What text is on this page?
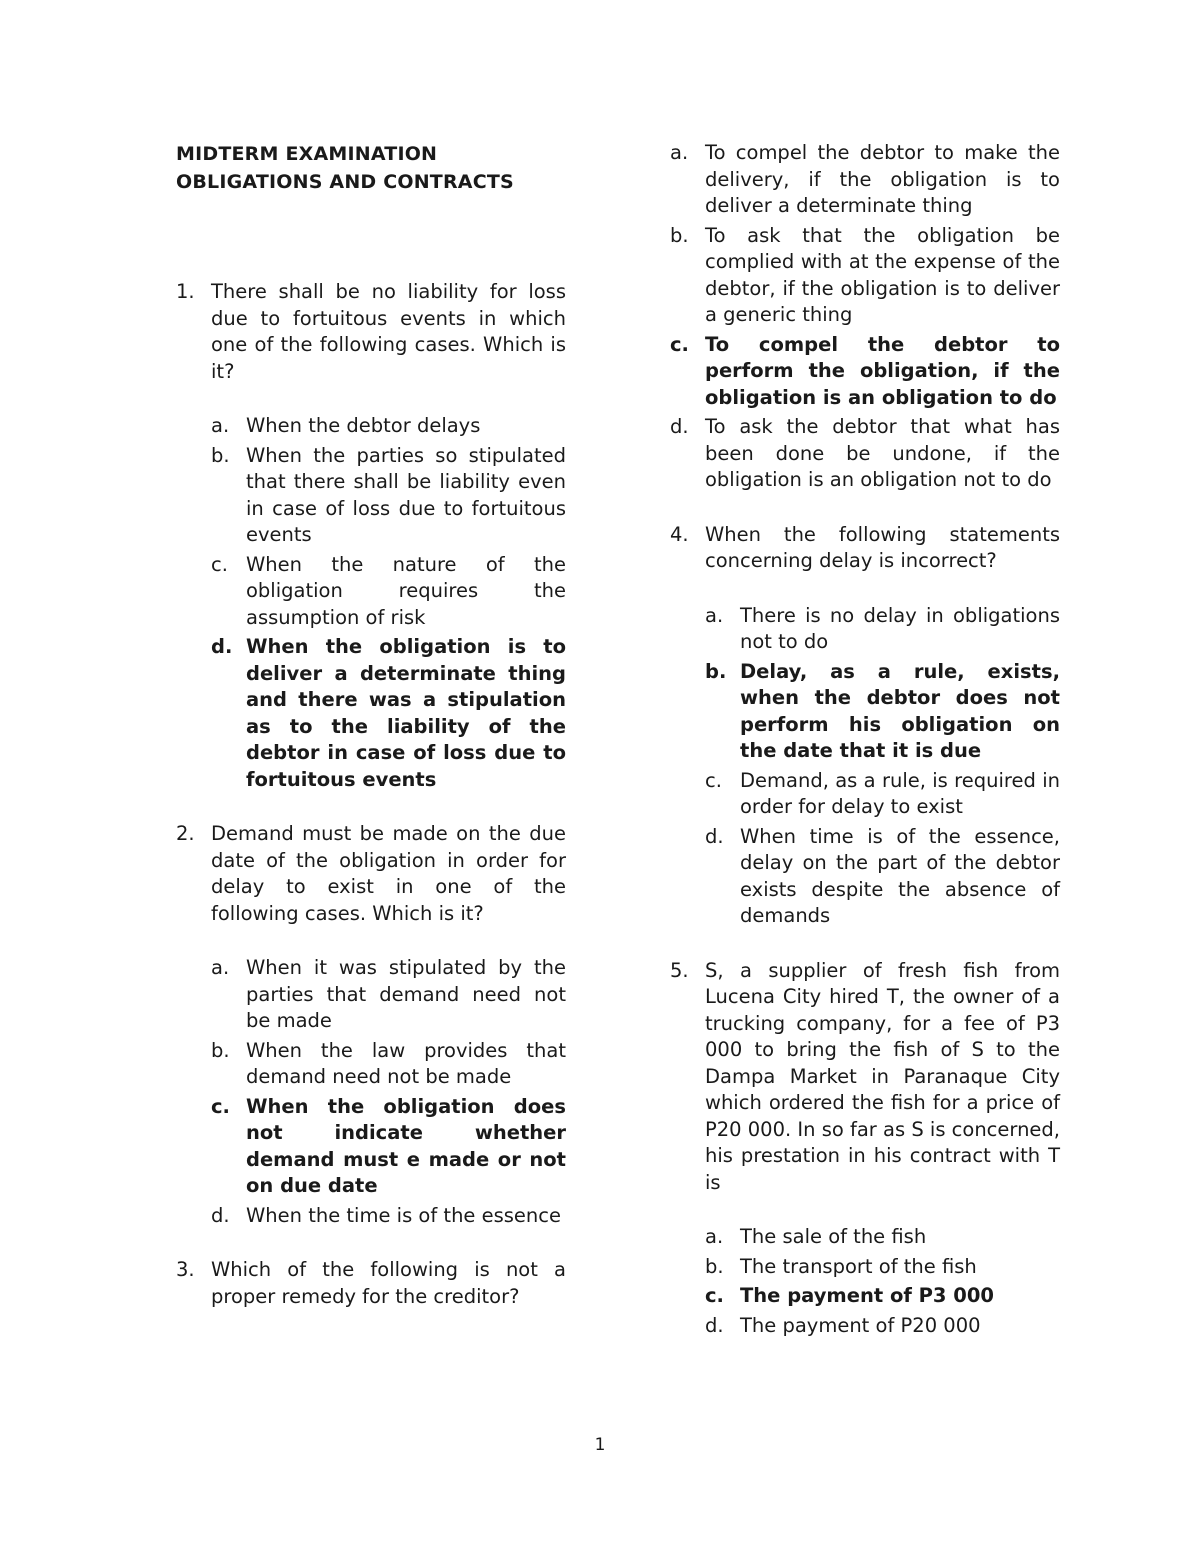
MIDTERM EXAMINATION

OBLIGATIONS AND CONTRACTS

1. There shall be no liability for loss due to fortuitous events in which one of the following cases. Which is it?
a. When the debtor delays
b. When the parties so stipulated that there shall be liability even in case of loss due to fortuitous events
c. When the nature of the obligation requires the assumption of risk
d. When the obligation is to deliver a determinate thing and there was a stipulation as to the liability of the debtor in case of loss due to fortuitous events
2. Demand must be made on the due date of the obligation in order for delay to exist in one of the following cases. Which is it?
a. When it was stipulated by the parties that demand need not be made
b. When the law provides that demand need not be made
c. When the obligation does not indicate whether demand must e made or not on due date
d. When the time is of the essence
3. Which of the following is not a proper remedy for the creditor?
a. To compel the debtor to make the delivery, if the obligation is to deliver a determinate thing
b. To ask that the obligation be complied with at the expense of the debtor, if the obligation is to deliver a generic thing
c. To compel the debtor to perform the obligation, if the obligation is an obligation to do
d. To ask the debtor that what has been done be undone, if the obligation is an obligation not to do
4. When the following statements concerning delay is incorrect?
a. There is no delay in obligations not to do
b. Delay, as a rule, exists, when the debtor does not perform his obligation on the date that it is due
c. Demand, as a rule, is required in order for delay to exist
d. When time is of the essence, delay on the part of the debtor exists despite the absence of demands
5. S, a supplier of fresh fish from Lucena City hired T, the owner of a trucking company, for a fee of P3 000 to bring the fish of S to the Dampa Market in Paranaque City which ordered the fish for a price of P20 000. In so far as S is concerned, his prestation in his contract with T is
a. The sale of the fish
b. The transport of the fish
c. The payment of P3 000
d. The payment of P20 000
1
